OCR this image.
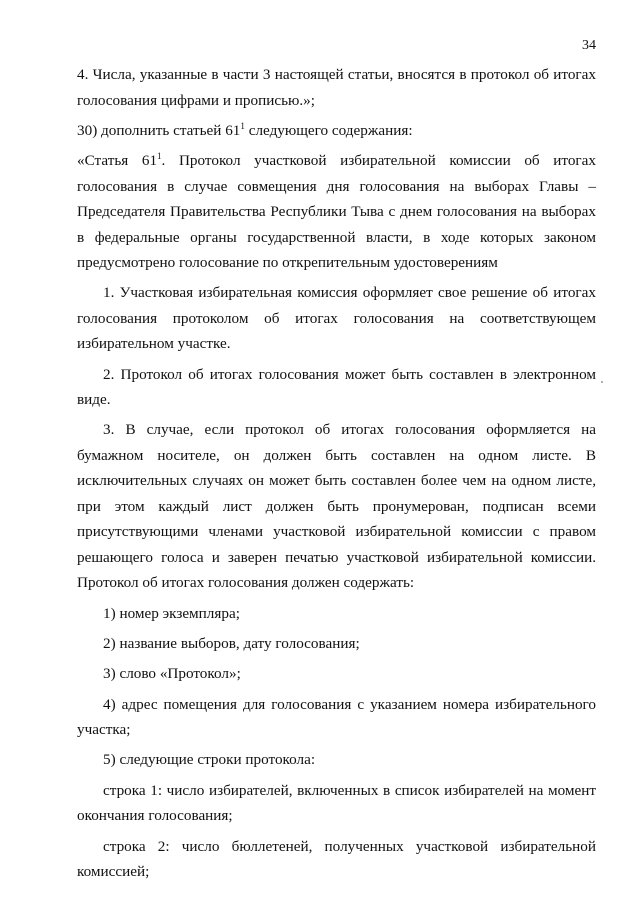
34

4. Числа, указанные в части 3 настоящей статьи, вносятся в протокол об итогах голосования цифрами и прописью.»;

30) дополнить статьей $61^1$ следующего содержания:

«Статья $61^1$. Протокол участковой избирательной комиссии об итогах голосования в случае совмещения дня голосования на выборах Главы – Председателя Правительства Республики Тыва с днем голосования на выборах в федеральные органы государственной власти, в ходе которых законом предусмотрено голосование по открепительным удостоверениям

1. Участковая избирательная комиссия оформляет свое решение об итогах голосования протоколом об итогах голосования на соответствующем избирательном участке.

2. Протокол об итогах голосования может быть составлен в электронном виде.

3. В случае, если протокол об итогах голосования оформляется на бумажном носителе, он должен быть составлен на одном листе. В исключительных случаях он может быть составлен более чем на одном листе, при этом каждый лист должен быть пронумерован, подписан всеми присутствующими членами участковой избирательной комиссии с правом решающего голоса и заверен печатью участковой избирательной комиссии. Протокол об итогах голосования должен содержать:

1) номер экземпляра;

2) название выборов, дату голосования;

3) слово «Протокол»;

4) адрес помещения для голосования с указанием номера избирательного участка;

5) следующие строки протокола:

строка 1: число избирателей, включенных в список избирателей на момент окончания голосования;

строка 2: число бюллетеней, полученных участковой избирательной комиссией;
